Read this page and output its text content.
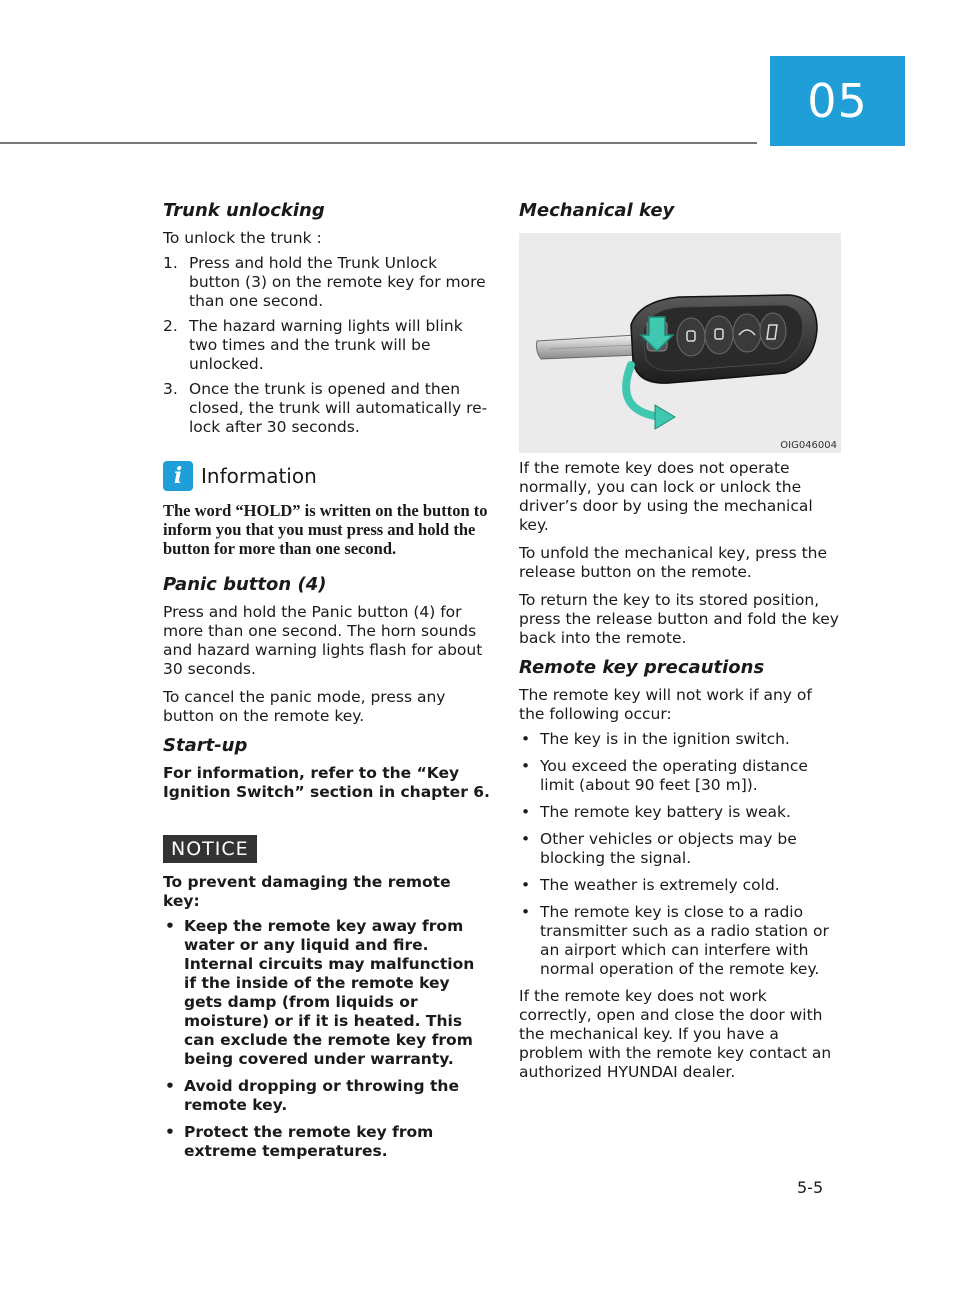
05
Trunk unlocking

To unlock the trunk :

1. Press and hold the Trunk Unlock button (3) on the remote key for more than one second.
2. The hazard warning lights will blink two times and the trunk will be unlocked.
3. Once the trunk is opened and then closed, the trunk will automatically re-lock after 30 seconds.
i Information

The word “HOLD” is written on the button to inform you that you must press and hold the button for more than one second.

Panic button (4)

Press and hold the Panic button (4) for more than one second. The horn sounds and hazard warning lights flash for about 30 seconds.

To cancel the panic mode, press any button on the remote key.

Start-up

For information, refer to the “Key Ignition Switch” section in chapter 6.

NOTICE

To prevent damaging the remote key:

• Keep the remote key away from water or any liquid and fire. Internal circuits may malfunction if the inside of the remote key gets damp (from liquids or moisture) or if it is heated. This can exclude the remote key from being covered under warranty.
• Avoid dropping or throwing the remote key.
• Protect the remote key from extreme temperatures.
Mechanical key
OIG046004

If the remote key does not operate normally, you can lock or unlock the driver’s door by using the mechanical key.

To unfold the mechanical key, press the release button on the remote.

To return the key to its stored position, press the release button and fold the key back into the remote.

Remote key precautions

The remote key will not work if any of the following occur:

• The key is in the ignition switch.
• You exceed the operating distance limit (about 90 feet [30 m]).
• The remote key battery is weak.
• Other vehicles or objects may be blocking the signal.
• The weather is extremely cold.
• The remote key is close to a radio transmitter such as a radio station or an airport which can interfere with normal operation of the remote key.

If the remote key does not work correctly, open and close the door with the mechanical key. If you have a problem with the remote key contact an authorized HYUNDAI dealer.

5-5
